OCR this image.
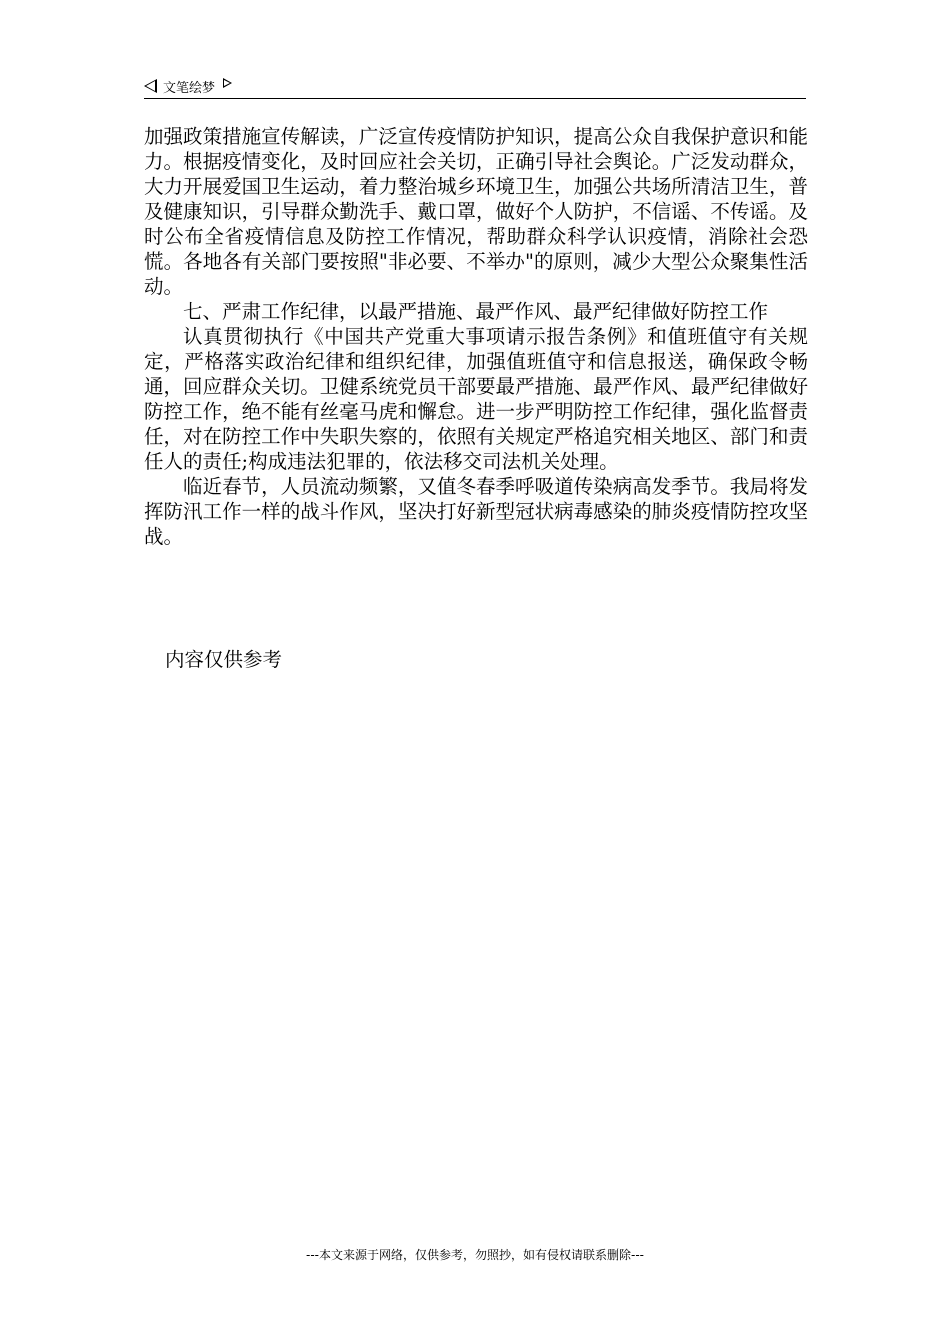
文笔绘梦

加强政策措施宣传解读，广泛宣传疫情防护知识，提高公众自我保护意识和能力。根据疫情变化，及时回应社会关切，正确引导社会舆论。广泛发动群众，大力开展爱国卫生运动，着力整治城乡环境卫生，加强公共场所清洁卫生，普及健康知识，引导群众勤洗手、戴口罩，做好个人防护，不信谣、不传谣。及时公布全省疫情信息及防控工作情况，帮助群众科学认识疫情，消除社会恐慌。各地各有关部门要按照"非必要、不举办"的原则，减少大型公众聚集性活动。

七、严肃工作纪律，以最严措施、最严作风、最严纪律做好防控工作

认真贯彻执行《中国共产党重大事项请示报告条例》和值班值守有关规定，严格落实政治纪律和组织纪律，加强值班值守和信息报送，确保政令畅通，回应群众关切。卫健系统党员干部要最严措施、最严作风、最严纪律做好防控工作，绝不能有丝毫马虎和懈怠。进一步严明防控工作纪律，强化监督责任，对在防控工作中失职失察的，依照有关规定严格追究相关地区、部门和责任人的责任;构成违法犯罪的，依法移交司法机关处理。

临近春节，人员流动频繁，又值冬春季呼吸道传染病高发季节。我局将发挥防汛工作一样的战斗作风，坚决打好新型冠状病毒感染的肺炎疫情防控攻坚战。

内容仅供参考
---本文来源于网络，仅供参考，勿照抄，如有侵权请联系删除---
